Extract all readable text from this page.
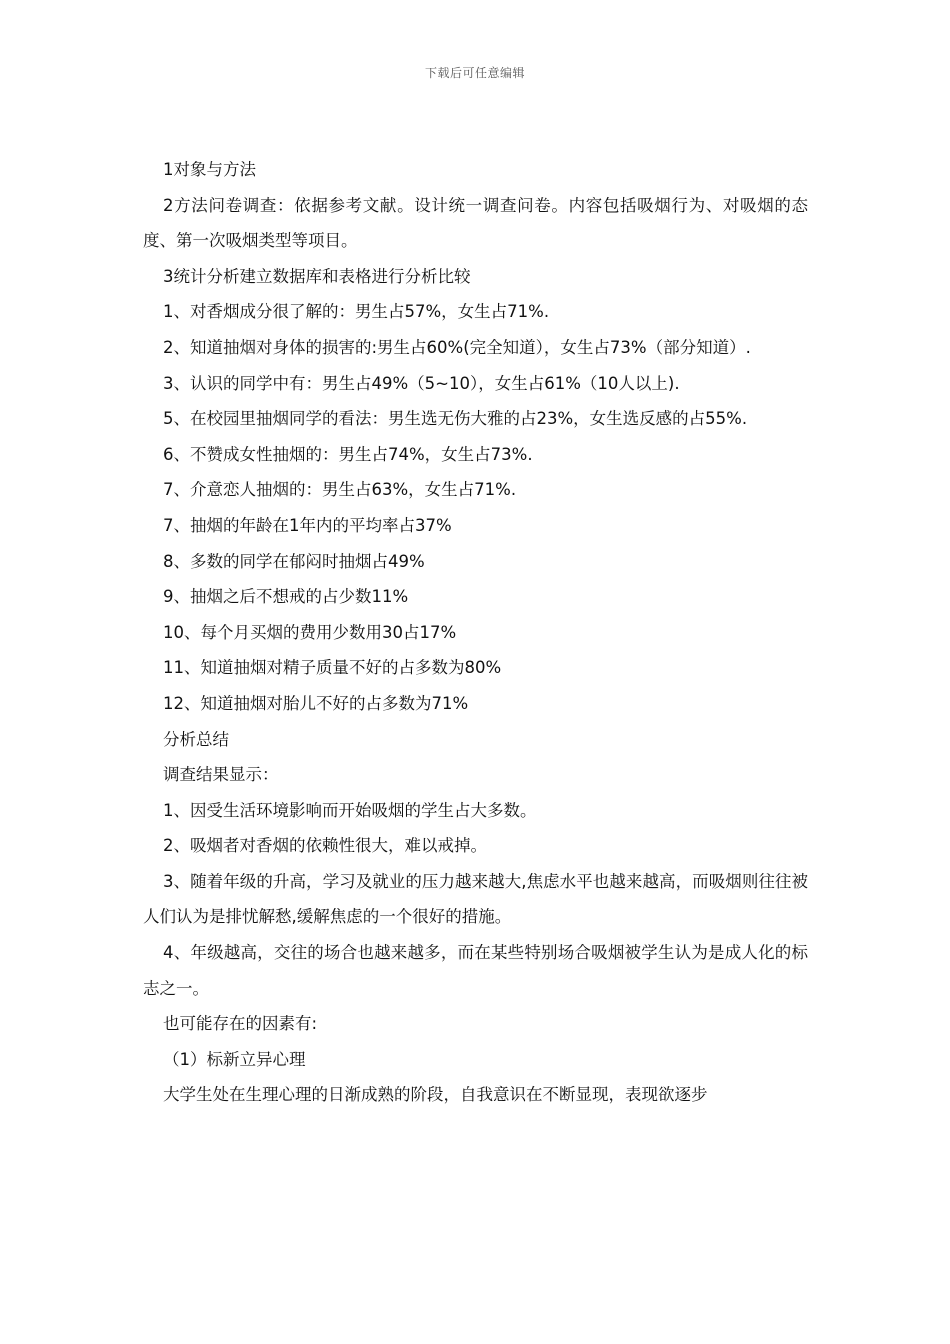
下载后可任意编辑

1对象与方法

2方法问卷调查：依据参考文献。设计统一调查问卷。内容包括吸烟行为、对吸烟的态度、第一次吸烟类型等项目。

3统计分析建立数据库和表格进行分析比较

1、对香烟成分很了解的：男生占57%，女生占71%.

2、知道抽烟对身体的损害的:男生占60%(完全知道），女生占73%（部分知道）.

3、认识的同学中有：男生占49%（5~10），女生占61%（10人以上).

5、在校园里抽烟同学的看法：男生选无伤大雅的占23%，女生选反感的占55%.

6、不赞成女性抽烟的：男生占74%，女生占73%.

7、介意恋人抽烟的：男生占63%，女生占71%.

7、抽烟的年龄在1年内的平均率占37%

8、多数的同学在郁闷时抽烟占49%

9、抽烟之后不想戒的占少数11%

10、每个月买烟的费用少数用30占17%

11、知道抽烟对精子质量不好的占多数为80%

12、知道抽烟对胎儿不好的占多数为71%

分析总结

调查结果显示：

1、因受生活环境影响而开始吸烟的学生占大多数。

2、吸烟者对香烟的依赖性很大，难以戒掉。

3、随着年级的升高，学习及就业的压力越来越大,焦虑水平也越来越高，而吸烟则往往被人们认为是排忧解愁,缓解焦虑的一个很好的措施。

4、年级越高，交往的场合也越来越多，而在某些特别场合吸烟被学生认为是成人化的标志之一。

也可能存在的因素有:

（1）标新立异心理

大学生处在生理心理的日渐成熟的阶段，自我意识在不断显现，表现欲逐步
